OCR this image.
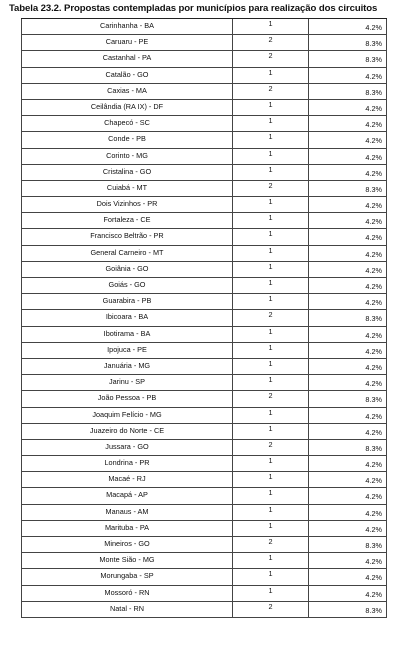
Tabela 23.2. Propostas contempladas por municípios para realização dos circuitos
Carinhanha - BA	1	4.2%
Caruaru - PE	2	8.3%
Castanhal - PA	2	8.3%
Catalão - GO	1	4.2%
Caxias - MA	2	8.3%
Ceilândia (RA IX) - DF	1	4.2%
Chapecó - SC	1	4.2%
Conde - PB	1	4.2%
Corinto - MG	1	4.2%
Cristalina - GO	1	4.2%
Cuiabá - MT	2	8.3%
Dois Vizinhos - PR	1	4.2%
Fortaleza - CE	1	4.2%
Francisco Beltrão - PR	1	4.2%
General Carneiro - MT	1	4.2%
Goiânia - GO	1	4.2%
Goiás - GO	1	4.2%
Guarabira - PB	1	4.2%
Ibicoara - BA	2	8.3%
Ibotirama - BA	1	4.2%
Ipojuca - PE	1	4.2%
Januária - MG	1	4.2%
Jarinu - SP	1	4.2%
João Pessoa - PB	2	8.3%
Joaquim Felício - MG	1	4.2%
Juazeiro do Norte - CE	1	4.2%
Jussara - GO	2	8.3%
Londrina - PR	1	4.2%
Macaé - RJ	1	4.2%
Macapá - AP	1	4.2%
Manaus - AM	1	4.2%
Marituba - PA	1	4.2%
Mineiros - GO	2	8.3%
Monte Sião - MG	1	4.2%
Morungaba - SP	1	4.2%
Mossoró - RN	1	4.2%
Natal - RN	2	8.3%
